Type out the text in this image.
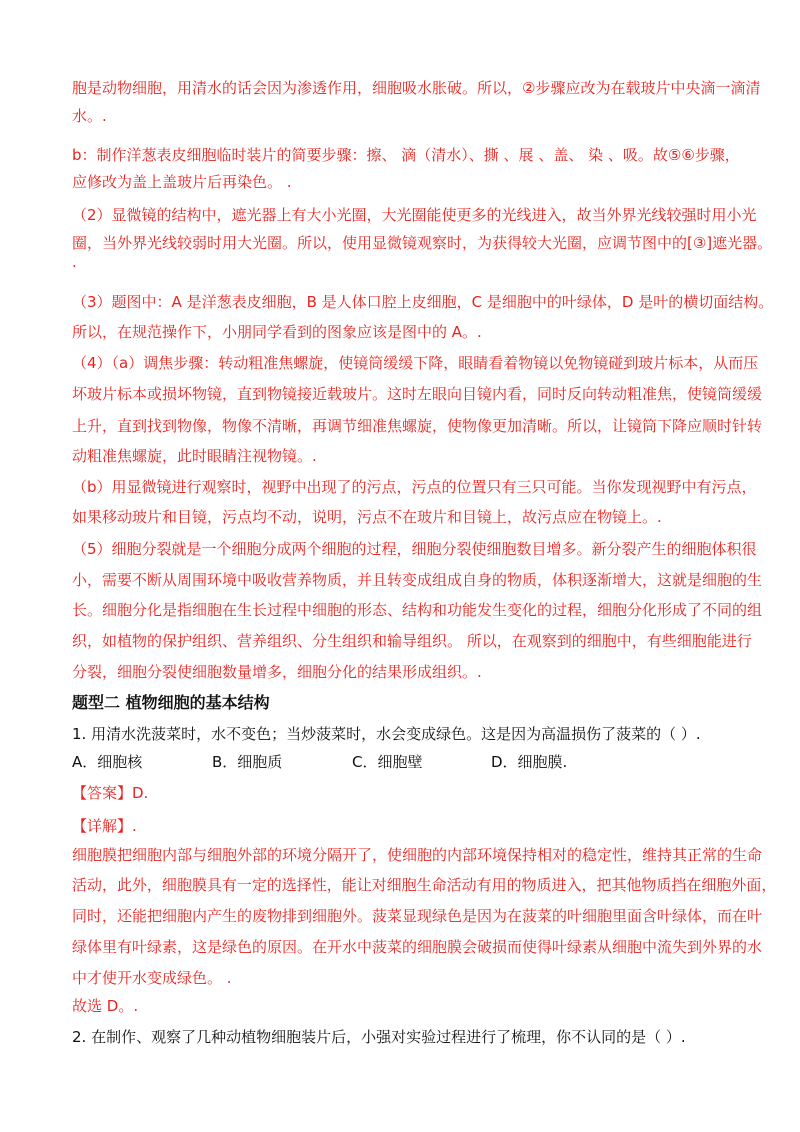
胞是动物细胞，用清水的话会因为渗透作用，细胞吸水胀破。所以，②步骤应改为在载玻片中央滴一滴清
水。.
b：制作洋葱表皮细胞临时装片的简要步骤：擦、 滴（清水）、撕 、展 、盖、 染 、吸。故⑤⑥步骤，
应修改为盖上盖玻片后再染色。 .
（2）显微镜的结构中，遮光器上有大小光圈，大光圈能使更多的光线进入，故当外界光线较强时用小光
圈，当外界光线较弱时用大光圈。所以，使用显微镜观察时，为获得较大光圈，应调节图中的[③]遮光器。
.
（3）题图中：A 是洋葱表皮细胞，B 是人体口腔上皮细胞，C 是细胞中的叶绿体，D 是叶的横切面结构。
所以，在规范操作下，小朋同学看到的图象应该是图中的 A。.
（4）（a）调焦步骤：转动粗准焦螺旋，使镜筒缓缓下降，眼睛看着物镜以免物镜碰到玻片标本，从而压
坏玻片标本或损坏物镜，直到物镜接近载玻片。这时左眼向目镜内看，同时反向转动粗准焦，使镜筒缓缓
上升，直到找到物像，物像不清晰，再调节细准焦螺旋，使物像更加清晰。所以，让镜筒下降应顺时针转
动粗准焦螺旋，此时眼睛注视物镜。.
（b）用显微镜进行观察时，视野中出现了的污点，污点的位置只有三只可能。当你发现视野中有污点，
如果移动玻片和目镜，污点均不动，说明，污点不在玻片和目镜上，故污点应在物镜上。.
（5）细胞分裂就是一个细胞分成两个细胞的过程，细胞分裂使细胞数目增多。新分裂产生的细胞体积很
小，需要不断从周围环境中吸收营养物质，并且转变成组成自身的物质，体积逐渐增大，这就是细胞的生
长。细胞分化是指细胞在生长过程中细胞的形态、结构和功能发生变化的过程，细胞分化形成了不同的组
织，如植物的保护组织、营养组织、分生组织和输导组织。 所以，在观察到的细胞中，有些细胞能进行
分裂，细胞分裂使细胞数量增多，细胞分化的结果形成组织。.
题型二 植物细胞的基本结构
1. 用清水洗菠菜时，水不变色；当炒菠菜时，水会变成绿色。这是因为高温损伤了菠菜的（ ）.
A．细胞核	B．细胞质	C．细胞壁	D．细胞膜.
【答案】D.
【详解】.
细胞膜把细胞内部与细胞外部的环境分隔开了，使细胞的内部环境保持相对的稳定性，维持其正常的生命
活动，此外，细胞膜具有一定的选择性，能让对细胞生命活动有用的物质进入，把其他物质挡在细胞外面，
同时，还能把细胞内产生的废物排到细胞外。菠菜显现绿色是因为在菠菜的叶细胞里面含叶绿体，而在叶
绿体里有叶绿素，这是绿色的原因。在开水中菠菜的细胞膜会破损而使得叶绿素从细胞中流失到外界的水
中才使开水变成绿色。 .
故选 D。.
2. 在制作、观察了几种动植物细胞装片后，小强对实验过程进行了梳理，你不认同的是（ ）.
